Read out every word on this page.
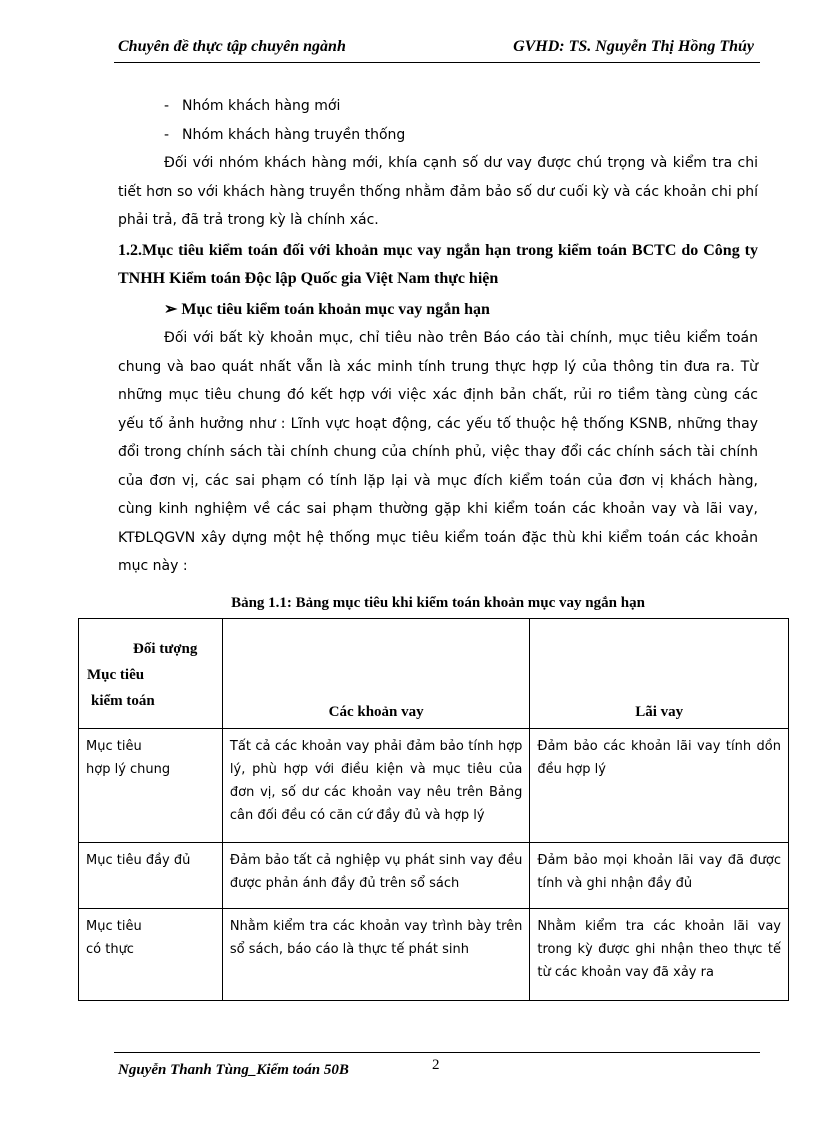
Chuyên đề thực tập chuyên ngành	GVHD: TS. Nguyễn Thị Hồng Thúy

- Nhóm khách hàng mới

- Nhóm khách hàng truyền thống

Đối với nhóm khách hàng mới, khía cạnh số dư vay được chú trọng và kiểm tra chi tiết hơn so với khách hàng truyền thống nhằm đảm bảo số dư cuối kỳ và các khoản chi phí phải trả, đã trả trong kỳ là chính xác.

1.2.Mục tiêu kiểm toán đối với khoản mục vay ngắn hạn trong kiểm toán BCTC do Công ty TNHH Kiểm toán Độc lập Quốc gia Việt Nam thực hiện

➢ Mục tiêu kiểm toán khoản mục vay ngắn hạn

Đối với bất kỳ khoản mục, chỉ tiêu nào trên Báo cáo tài chính, mục tiêu kiểm toán chung và bao quát nhất vẫn là xác minh tính trung thực hợp lý của thông tin đưa ra. Từ những mục tiêu chung đó kết hợp với việc xác định bản chất, rủi ro tiềm tàng cùng các yếu tố ảnh hưởng như : Lĩnh vực hoạt động, các yếu tố thuộc hệ thống KSNB, những thay đổi trong chính sách tài chính chung của chính phủ, việc thay đổi các chính sách tài chính của đơn vị, các sai phạm có tính lặp lại và mục đích kiểm toán của đơn vị khách hàng, cùng kinh nghiệm về các sai phạm thường gặp khi kiểm toán các khoản vay và lãi vay, KTĐLQGVN xây dựng một hệ thống mục tiêu kiểm toán đặc thù khi kiểm toán các khoản mục này :

Bảng 1.1: Bảng mục tiêu khi kiểm toán khoản mục vay ngắn hạn

Đối tượng
Mục tiêu
kiểm toán	Các khoản vay	Lãi vay

Mục tiêu
hợp lý chung	Tất cả các khoản vay phải đảm bảo tính hợp lý, phù hợp với điều kiện và mục tiêu của đơn vị, số dư các khoản vay nêu trên Bảng cân đối đều có căn cứ đầy đủ và hợp lý	Đảm bảo các khoản lãi vay tính dồn đều hợp lý

Mục tiêu đầy đủ	Đảm bảo tất cả nghiệp vụ phát sinh vay đều được phản ánh đầy đủ trên sổ sách	Đảm bảo mọi khoản lãi vay đã được tính và ghi nhận đầy đủ

Mục tiêu
có thực	Nhằm kiểm tra các khoản vay trình bày trên sổ sách, báo cáo là thực tế phát sinh	Nhằm kiểm tra các khoản lãi vay trong kỳ được ghi nhận theo thực tế từ các khoản vay đã xảy ra
Nguyễn Thanh Tùng_Kiểm toán 50B	2
